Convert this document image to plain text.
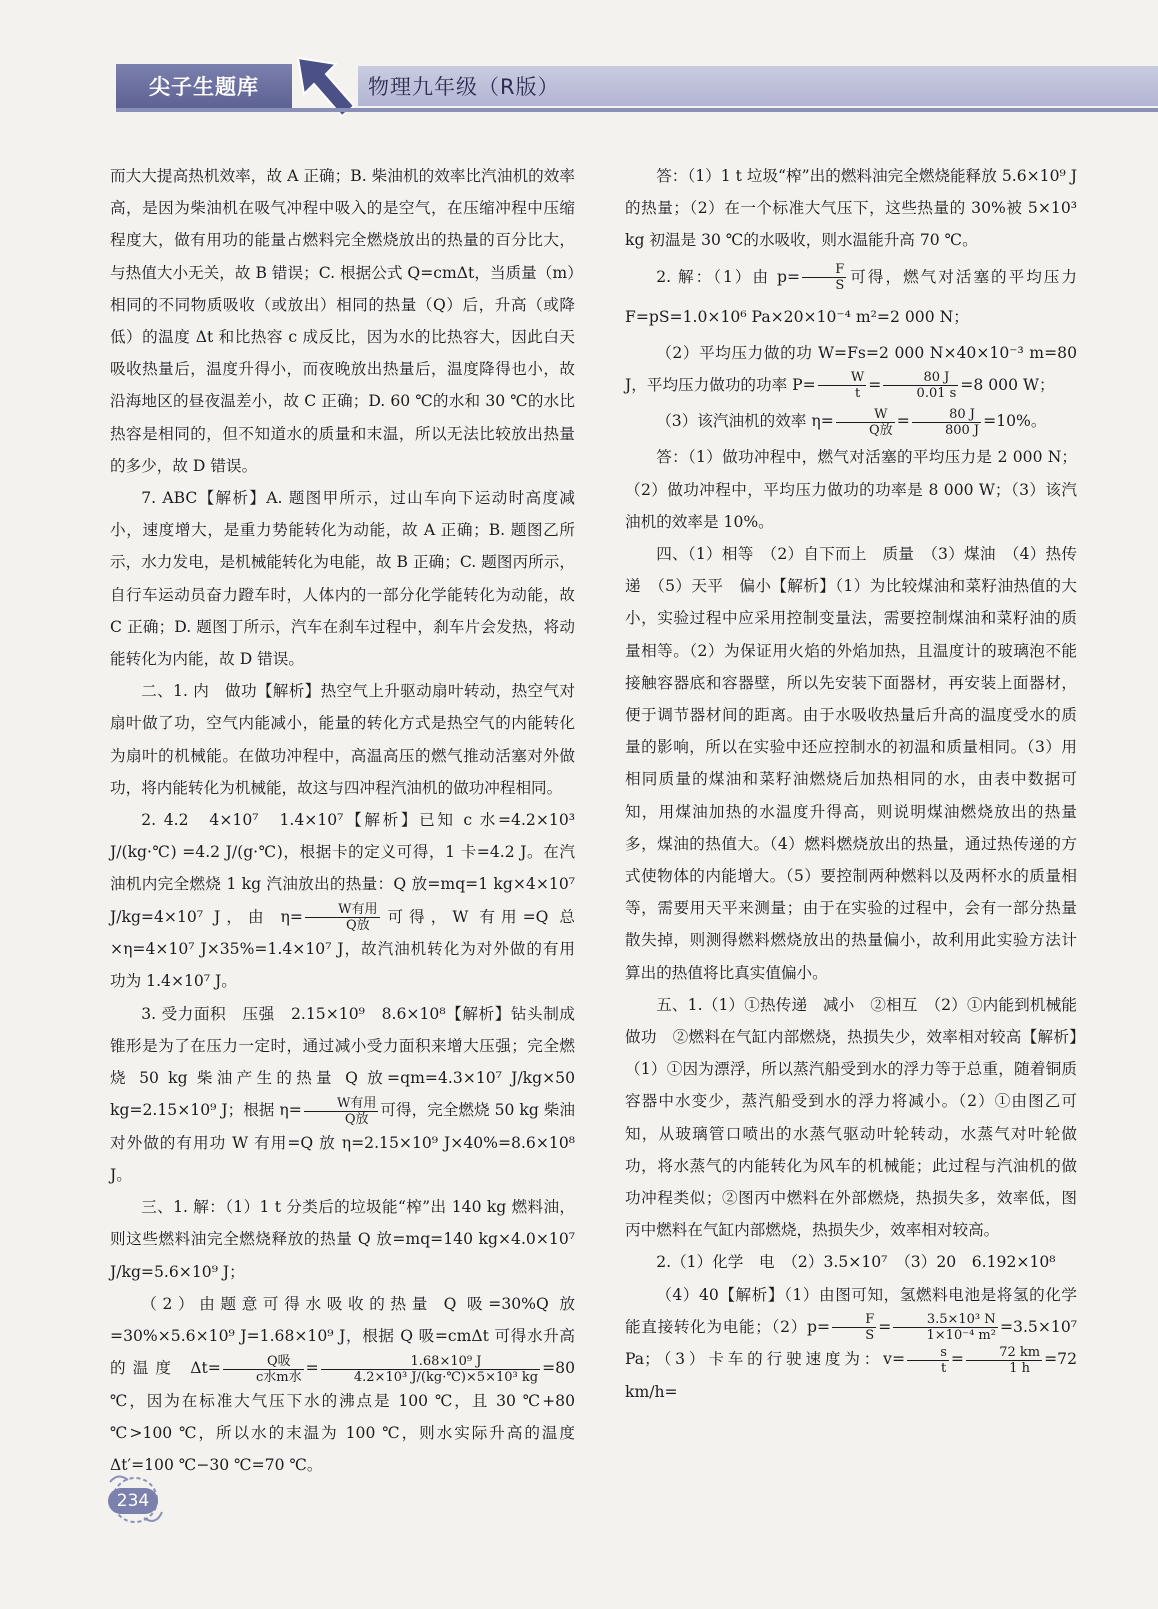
尖子生题库	物理九年级（R版）

而大大提高热机效率，故 A 正确；B. 柴油机的效率比汽油机的效率高，是因为柴油机在吸气冲程中吸入的是空气，在压缩冲程中压缩程度大，做有用功的能量占燃料完全燃烧放出的热量的百分比大，与热值大小无关，故 B 错误；C. 根据公式 Q=cmΔt，当质量（m）相同的不同物质吸收（或放出）相同的热量（Q）后，升高（或降低）的温度 Δt 和比热容 c 成反比，因为水的比热容大，因此白天吸收热量后，温度升得小，而夜晚放出热量后，温度降得也小，故沿海地区的昼夜温差小，故 C 正确；D. 60 ℃的水和 30 ℃的水比热容是相同的，但不知道水的质量和末温，所以无法比较放出热量的多少，故 D 错误。

7. ABC【解析】A. 题图甲所示，过山车向下运动时高度减小，速度增大，是重力势能转化为动能，故 A 正确；B. 题图乙所示，水力发电，是机械能转化为电能，故 B 正确；C. 题图丙所示，自行车运动员奋力蹬车时，人体内的一部分化学能转化为动能，故 C 正确；D. 题图丁所示，汽车在刹车过程中，刹车片会发热，将动能转化为内能，故 D 错误。

二、1. 内　做功【解析】热空气上升驱动扇叶转动，热空气对扇叶做了功，空气内能减小，能量的转化方式是热空气的内能转化为扇叶的机械能。在做功冲程中，高温高压的燃气推动活塞对外做功，将内能转化为机械能，故这与四冲程汽油机的做功冲程相同。

2. 4.2　4×10⁷　1.4×10⁷【解析】已知 c 水=4.2×10³ J/(kg·℃) =4.2 J/(g·℃)，根据卡的定义可得，1 卡=4.2 J。在汽油机内完全燃烧 1 kg 汽油放出的热量：Q 放=mq=1 kg×4×10⁷ J/kg=4×10⁷ J，由 $\eta= \frac{\text{W有用}}{\text{Q放}}$ 可得，W 有用=Q 总×η=4×10⁷ J×35%=1.4×10⁷ J，故汽油机转化为对外做的有用功为 1.4×10⁷ J。

3. 受力面积　压强　2.15×10⁹　8.6×10⁸【解析】钻头制成锥形是为了在压力一定时，通过减小受力面积来增大压强；完全燃烧 50 kg 柴油产生的热量 Q 放=qm=4.3×10⁷ J/kg×50 kg=2.15×10⁹ J；根据 $\eta= \frac{\text{W有用}}{\text{Q放}}$ 可得，完全燃烧 50 kg 柴油对外做的有用功 W 有用=Q 放 η=2.15×10⁹ J×40%=8.6×10⁸ J。

三、1. 解：（1）1 t 分类后的垃圾能“榨”出 140 kg 燃料油，则这些燃料油完全燃烧释放的热量 Q 放=mq=140 kg×4.0×10⁷ J/kg=5.6×10⁹ J；

（2）由题意可得水吸收的热量 Q 吸=30%Q 放=30%×5.6×10⁹ J=1.68×10⁹ J，根据 Q 吸=cmΔt 可得水升高的温度 $\Delta t= \frac{\text{Q吸}}{\text{c水m水}} = \frac{\text{1.68×10⁹ J}}{\text{4.2×10³ J/(kg·℃)×5×10³ kg}} =80$ ℃，因为在标准大气压下水的沸点是 100 ℃，且 30 ℃+80 ℃>100 ℃，所以水的末温为 100 ℃，则水实际升高的温度 Δt′=100 ℃−30 ℃=70 ℃。

答：（1）1 t 垃圾“榨”出的燃料油完全燃烧能释放 5.6×10⁹ J 的热量；（2）在一个标准大气压下，这些热量的 30%被 5×10³ kg 初温是 30 ℃的水吸收，则水温能升高 70 ℃。

2. 解：（1）由 $p= \frac{F}{S}$ 可得，燃气对活塞的平均压力 F=pS=1.0×10⁶ Pa×20×10⁻⁴ m²=2 000 N；

（2）平均压力做的功 W=Fs=2 000 N×40×10⁻³ m=80 J，平均压力做功的功率 $P= \frac{W}{t} = \frac{80 J}{0.01 s} =8$ 000 W；

（3）该汽油机的效率 $\eta= \frac{W}{\text{Q放}} = \frac{80 J}{800 J} =10\%$。

答：（1）做功冲程中，燃气对活塞的平均压力是 2 000 N；（2）做功冲程中，平均压力做功的功率是 8 000 W；（3）该汽油机的效率是 10%。

四、（1）相等　（2）自下而上　质量　（3）煤油　（4）热传递　（5）天平　偏小【解析】（1）为比较煤油和菜籽油热值的大小，实验过程中应采用控制变量法，需要控制煤油和菜籽油的质量相等。（2）为保证用火焰的外焰加热，且温度计的玻璃泡不能接触容器底和容器壁，所以先安装下面器材，再安装上面器材，便于调节器材间的距离。由于水吸收热量后升高的温度受水的质量的影响，所以在实验中还应控制水的初温和质量相同。（3）用相同质量的煤油和菜籽油燃烧后加热相同的水，由表中数据可知，用煤油加热的水温度升得高，则说明煤油燃烧放出的热量多，煤油的热值大。（4）燃料燃烧放出的热量，通过热传递的方式使物体的内能增大。（5）要控制两种燃料以及两杯水的质量相等，需要用天平来测量；由于在实验的过程中，会有一部分热量散失掉，则测得燃料燃烧放出的热量偏小，故利用此实验方法计算出的热值将比真实值偏小。

五、1.（1）①热传递　减小　②相互　（2）①内能到机械能　做功　②燃料在气缸内部燃烧，热损失少，效率相对较高【解析】（1）①因为漂浮，所以蒸汽船受到水的浮力等于总重，随着铜质容器中水变少，蒸汽船受到水的浮力将减小。（2）①由图乙可知，从玻璃管口喷出的水蒸气驱动叶轮转动，水蒸气对叶轮做功，将水蒸气的内能转化为风车的机械能；此过程与汽油机的做功冲程类似；②图丙中燃料在外部燃烧，热损失多，效率低，图丙中燃料在气缸内部燃烧，热损失少，效率相对较高。

2.（1）化学　电　（2）3.5×10⁷　（3）20　6.192×10⁸

（4）40【解析】（1）由图可知，氢燃料电池是将氢的化学能直接转化为电能；$(2)p= \frac{F}{S} = \frac{\text{3.5×10³ N}}{\text{1×10⁻⁴ m²}} =3.5\times 10^7$ Pa；（3）卡车的行驶速度为：$v= \frac{s}{t} = \frac{72 km}{1 h} =72$ km/h=

234
